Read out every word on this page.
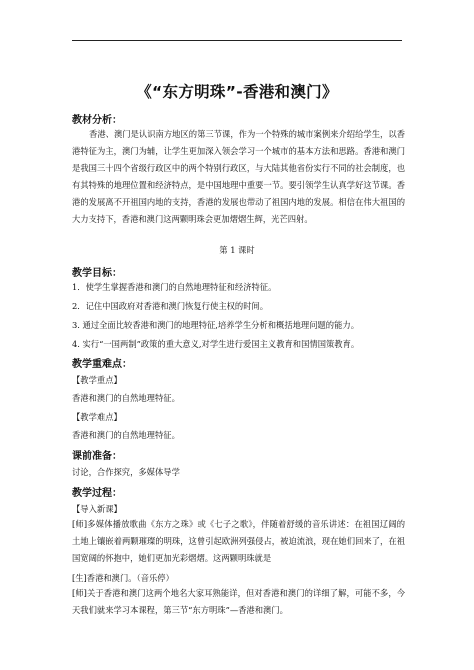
《“东方明珠”-香港和澳门》
教材分析：
香港、澳门是认识南方地区的第三节课，作为一个特殊的城市案例来介绍给学生，以香港特征为主，澳门为辅，让学生更加深入领会学习一个城市的基本方法和思路。香港和澳门是我国三十四个省级行政区中的两个特别行政区，与大陆其他省份实行不同的社会制度，也有其特殊的地理位置和经济特点，是中国地理中重要一节。要引领学生认真学好这节课。香港的发展离不开祖国内地的支持，香港的发展也带动了祖国内地的发展。相信在伟大祖国的大力支持下，香港和澳门这两颗明珠会更加熠熠生辉，光芒四射。
第 1 课时
教学目标：
1．使学生掌握香港和澳门的自然地理特征和经济特征。
2．记住中国政府对香港和澳门恢复行使主权的时间。
3. 通过全面比较香港和澳门的地理特征,培养学生分析和概括地理问题的能力。
4. 实行“一国两制”政策的重大意义,对学生进行爱国主义教育和国情国策教育。
教学重难点：
【教学重点】
香港和澳门的自然地理特征。
【教学难点】
香港和澳门的自然地理特征。
课前准备：
讨论，合作探究，多媒体导学
教学过程：
【导入新课】
[师]多媒体播放歌曲《东方之珠》或《七子之歌》，伴随着舒缓的音乐讲述：在祖国辽阔的土地上镶嵌着两颗璀璨的明珠，这曾引起欧洲列强侵占，被迫流浪，现在她们回来了，在祖国宽阔的怀抱中，她们更加光彩熠熠。这两颗明珠就是
[生]香港和澳门。（音乐停）
[师]关于香港和澳门这两个地名大家耳熟能详，但对香港和澳门的详细了解，可能不多，今天我们就来学习本课程，第三节“东方明珠”—香港和澳门。
